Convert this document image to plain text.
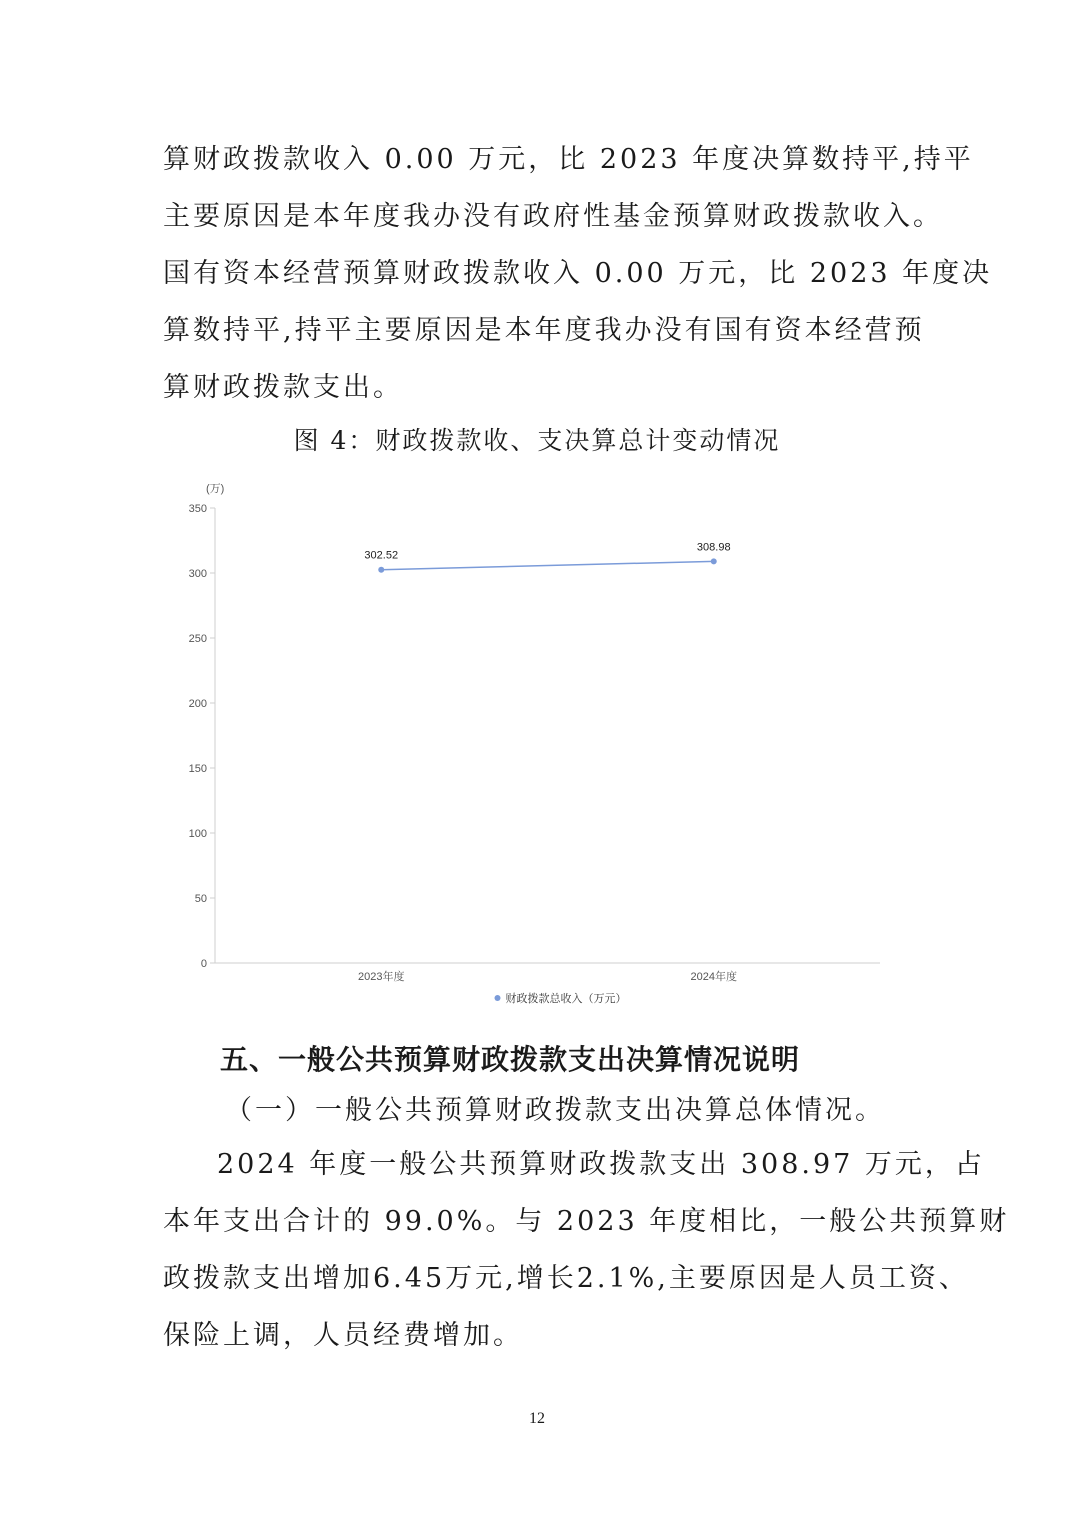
算财政拨款收入 0.00 万元，比 2023 年度决算数持平,持平

主要原因是本年度我办没有政府性基金预算财政拨款收入。

国有资本经营预算财政拨款收入 0.00 万元，比 2023 年度决

算数持平,持平主要原因是本年度我办没有国有资本经营预

算财政拨款支出。

图 4：财政拨款收、支决算总计变动情况

(万)
0
50
100
150
200
250
300
350
2023年度	2024年度
302.52
308.98
财政拨款总收入（万元）

五、一般公共预算财政拨款支出决算情况说明

（一）一般公共预算财政拨款支出决算总体情况。

2024 年度一般公共预算财政拨款支出 308.97 万元，占

本年支出合计的 99.0%。与 2023 年度相比，一般公共预算财

政拨款支出增加6.45万元,增长2.1%,主要原因是人员工资、

保险上调，人员经费增加。

12
